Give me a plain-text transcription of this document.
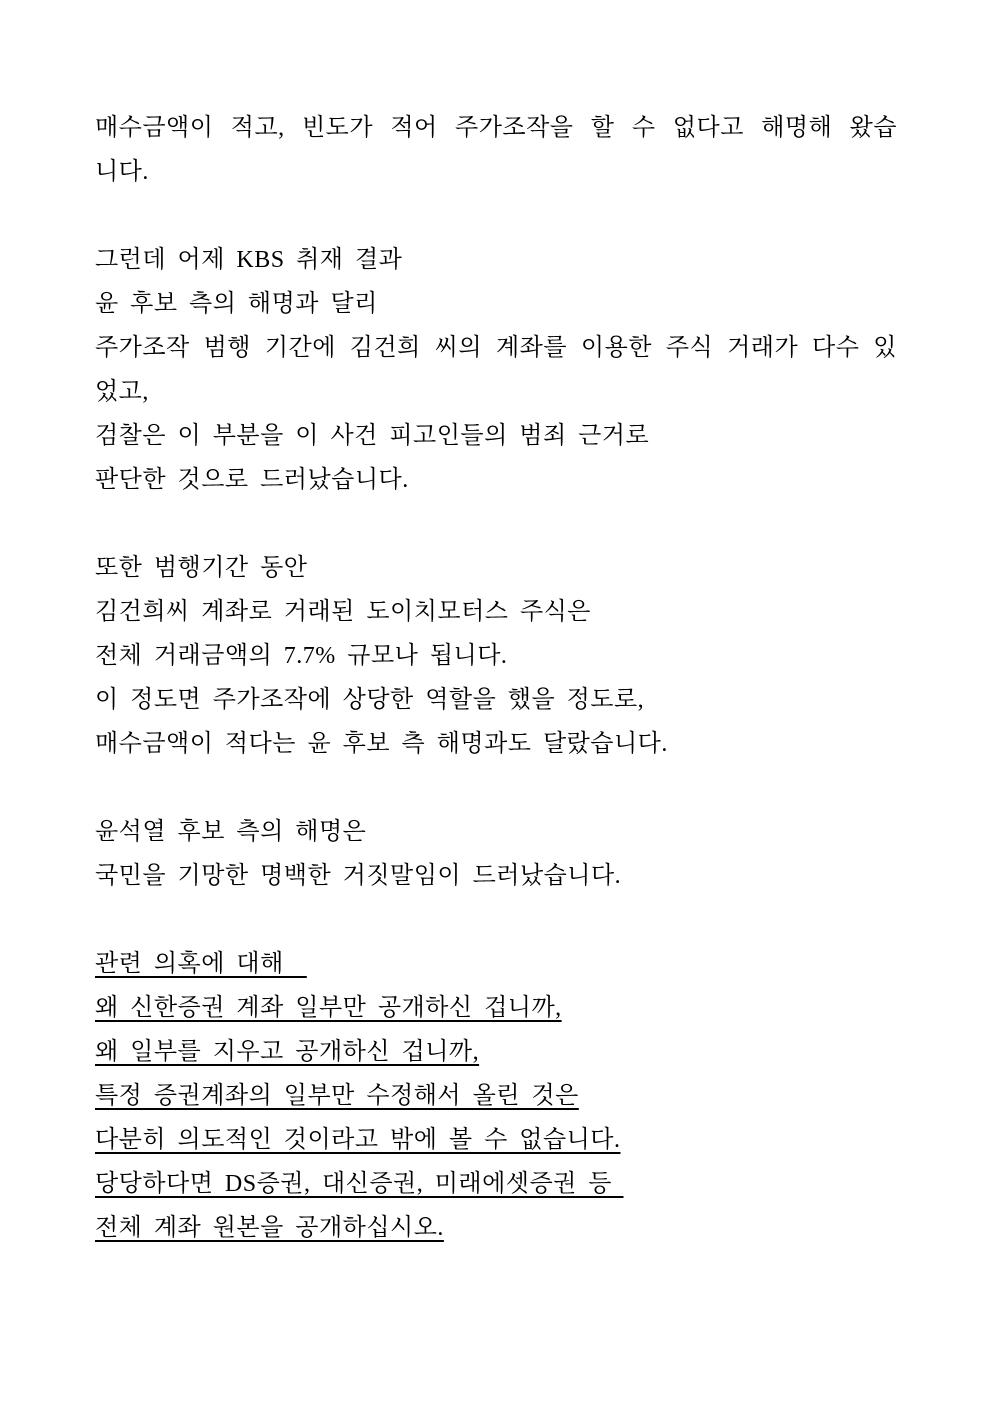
매수금액이 적고, 빈도가 적어 주가조작을 할 수 없다고 해명해 왔습
니다.
그런데 어제 KBS 취재 결과
윤 후보 측의 해명과 달리
주가조작 범행 기간에 김건희 씨의 계좌를 이용한 주식 거래가 다수 있
었고,
검찰은 이 부분을 이 사건 피고인들의 범죄 근거로
판단한 것으로 드러났습니다.
또한 범행기간 동안
김건희씨 계좌로 거래된 도이치모터스 주식은
전체 거래금액의 7.7% 규모나 됩니다.
이 정도면 주가조작에 상당한 역할을 했을 정도로,
매수금액이 적다는 윤 후보 측 해명과도 달랐습니다.
윤석열 후보 측의 해명은
국민을 기망한 명백한 거짓말임이 드러났습니다.
관련 의혹에 대해
왜 신한증권 계좌 일부만 공개하신 겁니까,
왜 일부를 지우고 공개하신 겁니까,
특정 증권계좌의 일부만 수정해서 올린 것은
다분히 의도적인 것이라고 밖에 볼 수 없습니다.
당당하다면 DS증권, 대신증권, 미래에셋증권 등
전체 계좌 원본을 공개하십시오.
